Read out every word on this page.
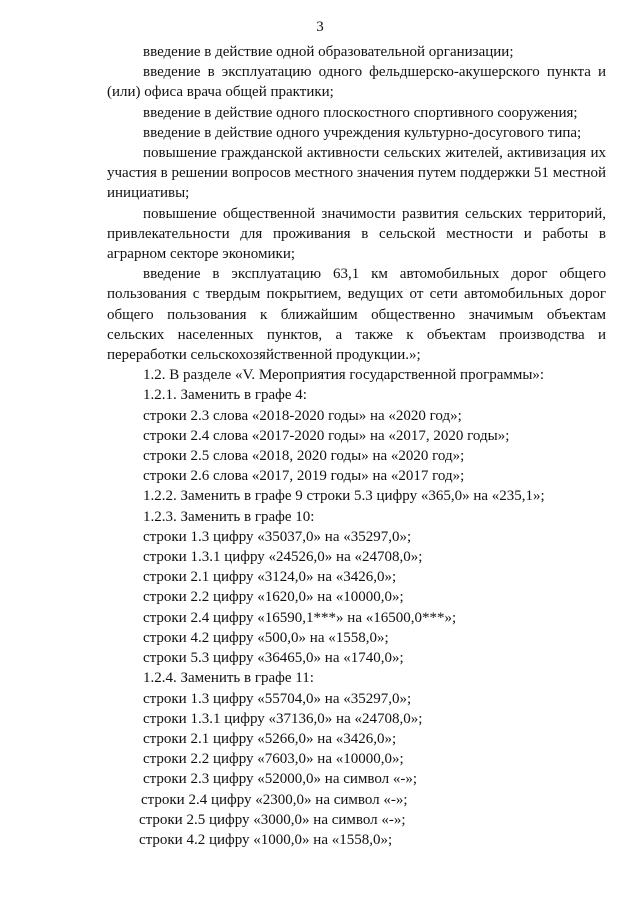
3

введение в действие одной образовательной организации;

введение в эксплуатацию одного фельдшерско-акушерского пункта и (или) офиса врача общей практики;

введение в действие одного плоскостного спортивного сооружения;

введение в действие одного учреждения культурно-досугового типа;

повышение гражданской активности сельских жителей, активизация их участия в решении вопросов местного значения путем поддержки 51 местной инициативы;

повышение общественной значимости развития сельских территорий, привлекательности для проживания в сельской местности и работы в аграрном секторе экономики;

введение в эксплуатацию 63,1 км автомобильных дорог общего пользования с твердым покрытием, ведущих от сети автомобильных дорог общего пользования к ближайшим общественно значимым объектам сельских населенных пунктов, а также к объектам производства и переработки сельскохозяйственной продукции.»;

1.2. В разделе «V. Мероприятия государственной программы»:
1.2.1. Заменить в графе 4:
строки 2.3 слова «2018-2020 годы» на «2020 год»;
строки 2.4 слова «2017-2020 годы» на «2017, 2020 годы»;
строки 2.5 слова «2018, 2020 годы» на «2020 год»;
строки 2.6 слова «2017, 2019 годы» на «2017 год»;
1.2.2. Заменить в графе 9 строки 5.3 цифру «365,0» на «235,1»;
1.2.3. Заменить в графе 10:
строки 1.3 цифру «35037,0» на «35297,0»;
строки 1.3.1 цифру «24526,0» на «24708,0»;
строки 2.1 цифру «3124,0» на «3426,0»;
строки 2.2 цифру «1620,0» на «10000,0»;
строки 2.4 цифру «16590,1***» на «16500,0***»;
строки 4.2 цифру «500,0» на «1558,0»;
строки 5.3 цифру «36465,0» на «1740,0»;
1.2.4. Заменить в графе 11:
строки 1.3 цифру «55704,0» на «35297,0»;
строки 1.3.1 цифру «37136,0» на «24708,0»;
строки 2.1 цифру «5266,0» на «3426,0»;
строки 2.2 цифру «7603,0» на «10000,0»;
строки 2.3 цифру «52000,0» на символ «-»;
строки 2.4 цифру «2300,0» на символ «-»;
строки 2.5 цифру «3000,0» на символ «-»;
строки 4.2 цифру «1000,0» на «1558,0»;
